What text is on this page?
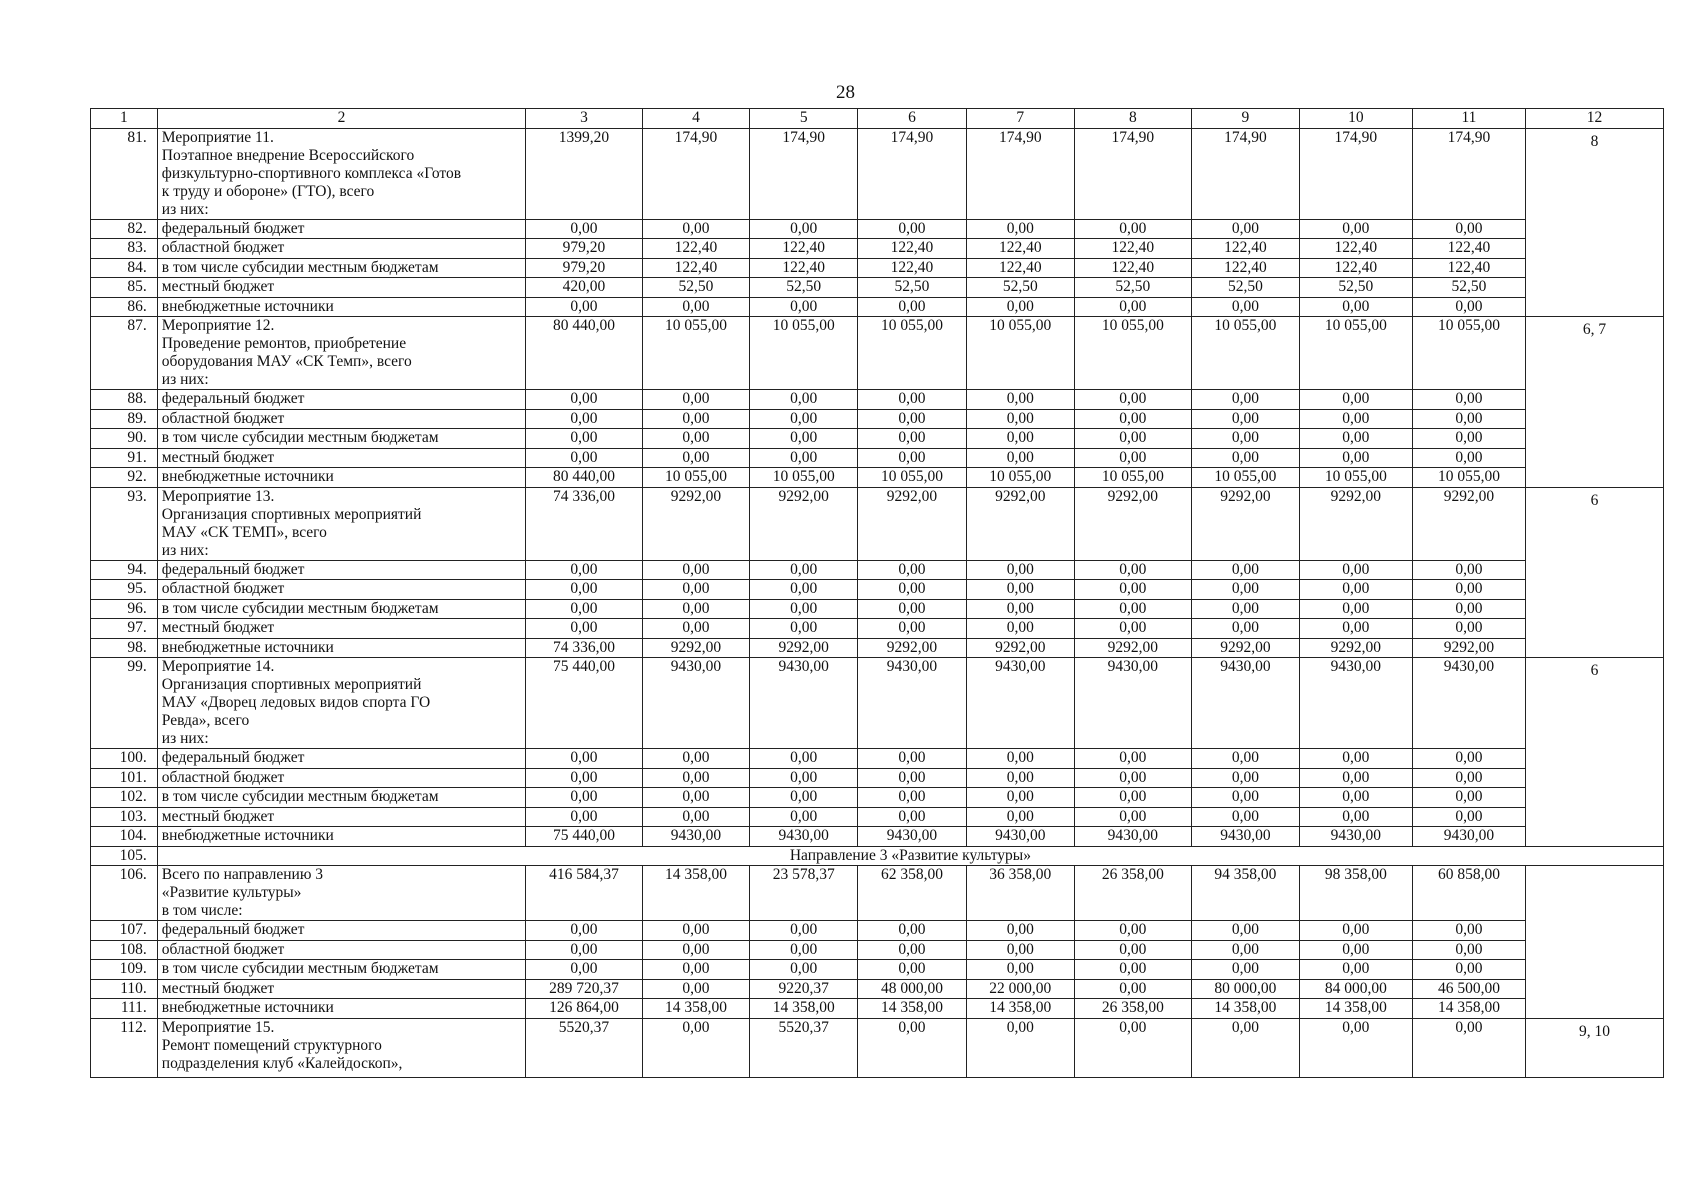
28
1	2	3	4	5	6	7	8	9	10	11	12
81.	Мероприятие 11.
Поэтапное внедрение Всероссийского
физкультурно-спортивного комплекса «Готов
к труду и обороне» (ГТО), всего
из них:	1399,20	174,90	174,90	174,90	174,90	174,90	174,90	174,90	174,90	8
82.	федеральный бюджет	0,00	0,00	0,00	0,00	0,00	0,00	0,00	0,00	0,00	
83.	областной бюджет	979,20	122,40	122,40	122,40	122,40	122,40	122,40	122,40	122,40	
84.	в том числе субсидии местным бюджетам	979,20	122,40	122,40	122,40	122,40	122,40	122,40	122,40	122,40	
85.	местный бюджет	420,00	52,50	52,50	52,50	52,50	52,50	52,50	52,50	52,50	
86.	внебюджетные источники	0,00	0,00	0,00	0,00	0,00	0,00	0,00	0,00	0,00	
87.	Мероприятие 12.
Проведение ремонтов, приобретение
оборудования МАУ «СК Темп», всего
из них:	80 440,00	10 055,00	10 055,00	10 055,00	10 055,00	10 055,00	10 055,00	10 055,00	10 055,00	6, 7
88.	федеральный бюджет	0,00	0,00	0,00	0,00	0,00	0,00	0,00	0,00	0,00	
89.	областной бюджет	0,00	0,00	0,00	0,00	0,00	0,00	0,00	0,00	0,00	
90.	в том числе субсидии местным бюджетам	0,00	0,00	0,00	0,00	0,00	0,00	0,00	0,00	0,00	
91.	местный бюджет	0,00	0,00	0,00	0,00	0,00	0,00	0,00	0,00	0,00	
92.	внебюджетные источники	80 440,00	10 055,00	10 055,00	10 055,00	10 055,00	10 055,00	10 055,00	10 055,00	10 055,00	
93.	Мероприятие 13.
Организация спортивных мероприятий
МАУ «СК ТЕМП», всего
из них:	74 336,00	9292,00	9292,00	9292,00	9292,00	9292,00	9292,00	9292,00	9292,00	6
94.	федеральный бюджет	0,00	0,00	0,00	0,00	0,00	0,00	0,00	0,00	0,00	
95.	областной бюджет	0,00	0,00	0,00	0,00	0,00	0,00	0,00	0,00	0,00	
96.	в том числе субсидии местным бюджетам	0,00	0,00	0,00	0,00	0,00	0,00	0,00	0,00	0,00	
97.	местный бюджет	0,00	0,00	0,00	0,00	0,00	0,00	0,00	0,00	0,00	
98.	внебюджетные источники	74 336,00	9292,00	9292,00	9292,00	9292,00	9292,00	9292,00	9292,00	9292,00	
99.	Мероприятие 14.
Организация спортивных мероприятий
МАУ «Дворец ледовых видов спорта ГО
Ревда», всего
из них:	75 440,00	9430,00	9430,00	9430,00	9430,00	9430,00	9430,00	9430,00	9430,00	6
100.	федеральный бюджет	0,00	0,00	0,00	0,00	0,00	0,00	0,00	0,00	0,00	
101.	областной бюджет	0,00	0,00	0,00	0,00	0,00	0,00	0,00	0,00	0,00	
102.	в том числе субсидии местным бюджетам	0,00	0,00	0,00	0,00	0,00	0,00	0,00	0,00	0,00	
103.	местный бюджет	0,00	0,00	0,00	0,00	0,00	0,00	0,00	0,00	0,00	
104.	внебюджетные источники	75 440,00	9430,00	9430,00	9430,00	9430,00	9430,00	9430,00	9430,00	9430,00	
105.	Направление 3 «Развитие культуры»										
106.	Всего по направлению 3
«Развитие культуры»
в том числе:	416 584,37	14 358,00	23 578,37	62 358,00	36 358,00	26 358,00	94 358,00	98 358,00	60 858,00	
107.	федеральный бюджет	0,00	0,00	0,00	0,00	0,00	0,00	0,00	0,00	0,00	
108.	областной бюджет	0,00	0,00	0,00	0,00	0,00	0,00	0,00	0,00	0,00	
109.	в том числе субсидии местным бюджетам	0,00	0,00	0,00	0,00	0,00	0,00	0,00	0,00	0,00	
110.	местный бюджет	289 720,37	0,00	9220,37	48 000,00	22 000,00	0,00	80 000,00	84 000,00	46 500,00	
111.	внебюджетные источники	126 864,00	14 358,00	14 358,00	14 358,00	14 358,00	26 358,00	14 358,00	14 358,00	14 358,00	
112.	Мероприятие 15.
Ремонт помещений структурного
подразделения клуб «Калейдоскоп»,	5520,37	0,00	5520,37	0,00	0,00	0,00	0,00	0,00	0,00	9, 10
